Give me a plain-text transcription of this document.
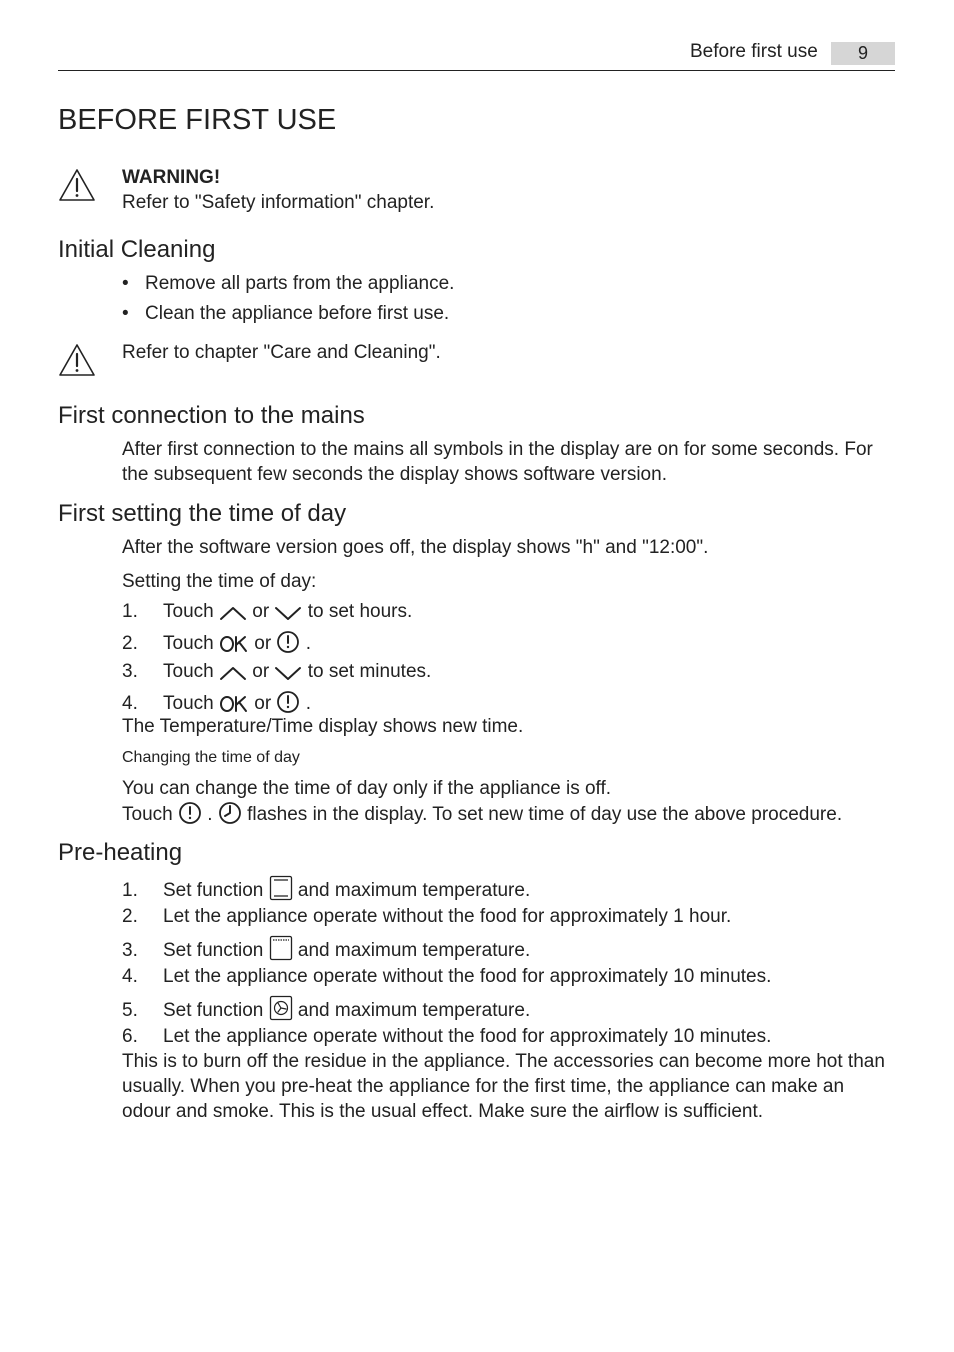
Before first use	9
BEFORE FIRST USE
WARNING!
Refer to "Safety information" chapter.
Initial Cleaning
• Remove all parts from the appliance.
• Clean the appliance before first use.
Refer to chapter "Care and Cleaning".
First connection to the mains
After first connection to the mains all symbols in the display are on for some seconds. For
the subsequent few seconds the display shows software version.
First setting the time of day
After the software version goes off, the display shows "h" and "12:00".
Setting the time of day:
1. Touch or to set hours.
2. Touch or .
3. Touch or to set minutes.
4. Touch or .
The Temperature/Time display shows new time.
Changing the time of day
You can change the time of day only if the appliance is off.
Touch . flashes in the display. To set new time of day use the above procedure.
Pre-heating
1. Set function and maximum temperature.
2. Let the appliance operate without the food for approximately 1 hour.
3. Set function and maximum temperature.
4. Let the appliance operate without the food for approximately 10 minutes.
5. Set function and maximum temperature.
6. Let the appliance operate without the food for approximately 10 minutes.
This is to burn off the residue in the appliance. The accessories can become more hot than
usually. When you pre-heat the appliance for the first time, the appliance can make an
odour and smoke. This is the usual effect. Make sure the airflow is sufficient.
